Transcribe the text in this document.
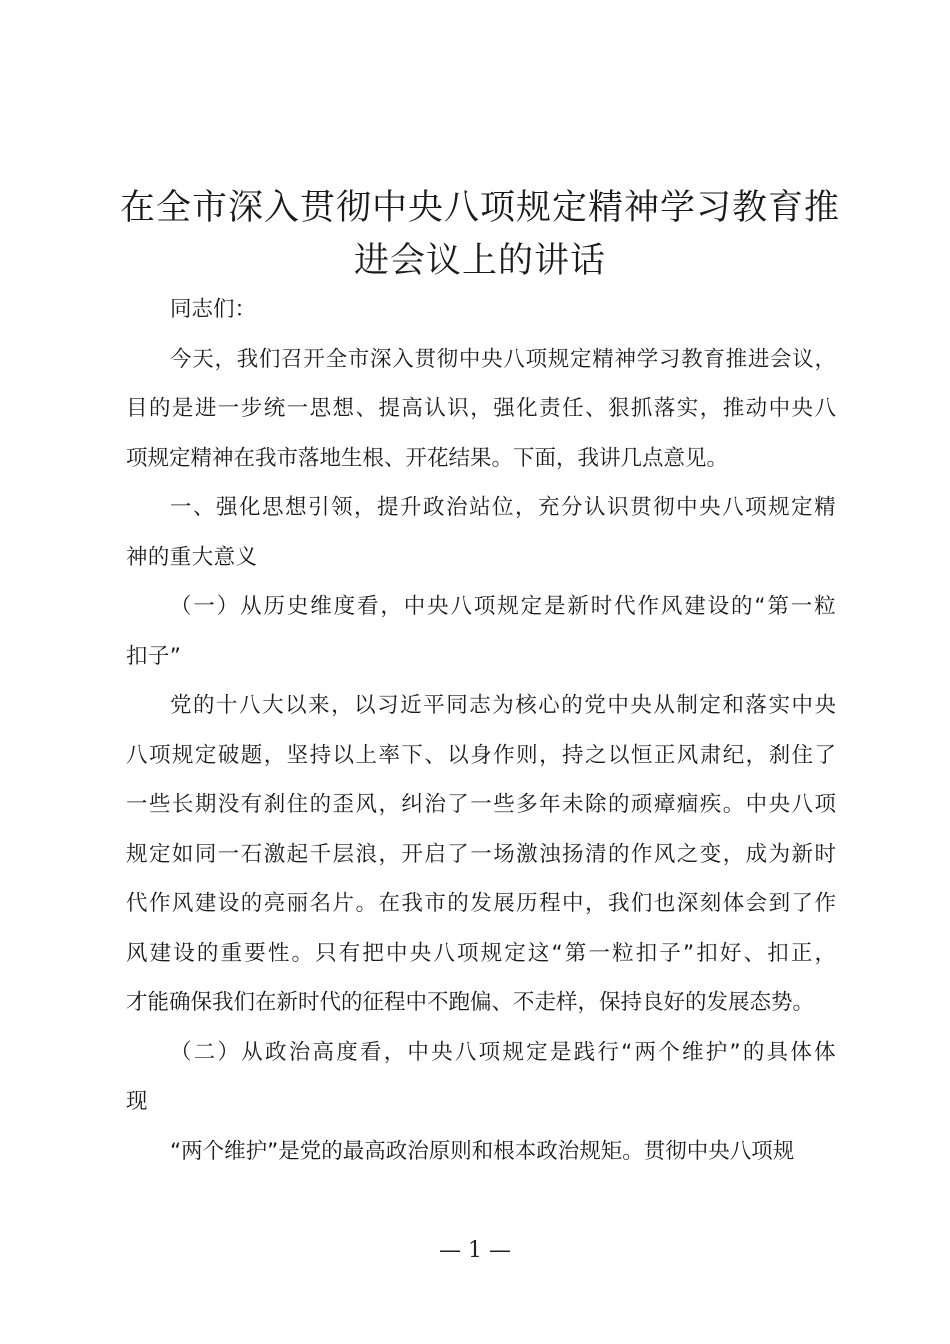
在全市深入贯彻中央八项规定精神学习教育推
进会议上的讲话

同志们：

今天，我们召开全市深入贯彻中央八项规定精神学习教育推进会议，
目的是进一步统一思想、提高认识，强化责任、狠抓落实，推动中央八
项规定精神在我市落地生根、开花结果。下面，我讲几点意见。
一、强化思想引领，提升政治站位，充分认识贯彻中央八项规定精
神的重大意义
（一）从历史维度看，中央八项规定是新时代作风建设的“第一粒
扣子”
党的十八大以来，以习近平同志为核心的党中央从制定和落实中央
八项规定破题，坚持以上率下、以身作则，持之以恒正风肃纪，刹住了
一些长期没有刹住的歪风，纠治了一些多年未除的顽瘴痼疾。中央八项
规定如同一石激起千层浪，开启了一场激浊扬清的作风之变，成为新时
代作风建设的亮丽名片。在我市的发展历程中，我们也深刻体会到了作
风建设的重要性。只有把中央八项规定这“第一粒扣子”扣好、扣正，
才能确保我们在新时代的征程中不跑偏、不走样，保持良好的发展态势。
（二）从政治高度看，中央八项规定是践行“两个维护”的具体体
现
“两个维护”是党的最高政治原则和根本政治规矩。贯彻中央八项规
— 1 —
